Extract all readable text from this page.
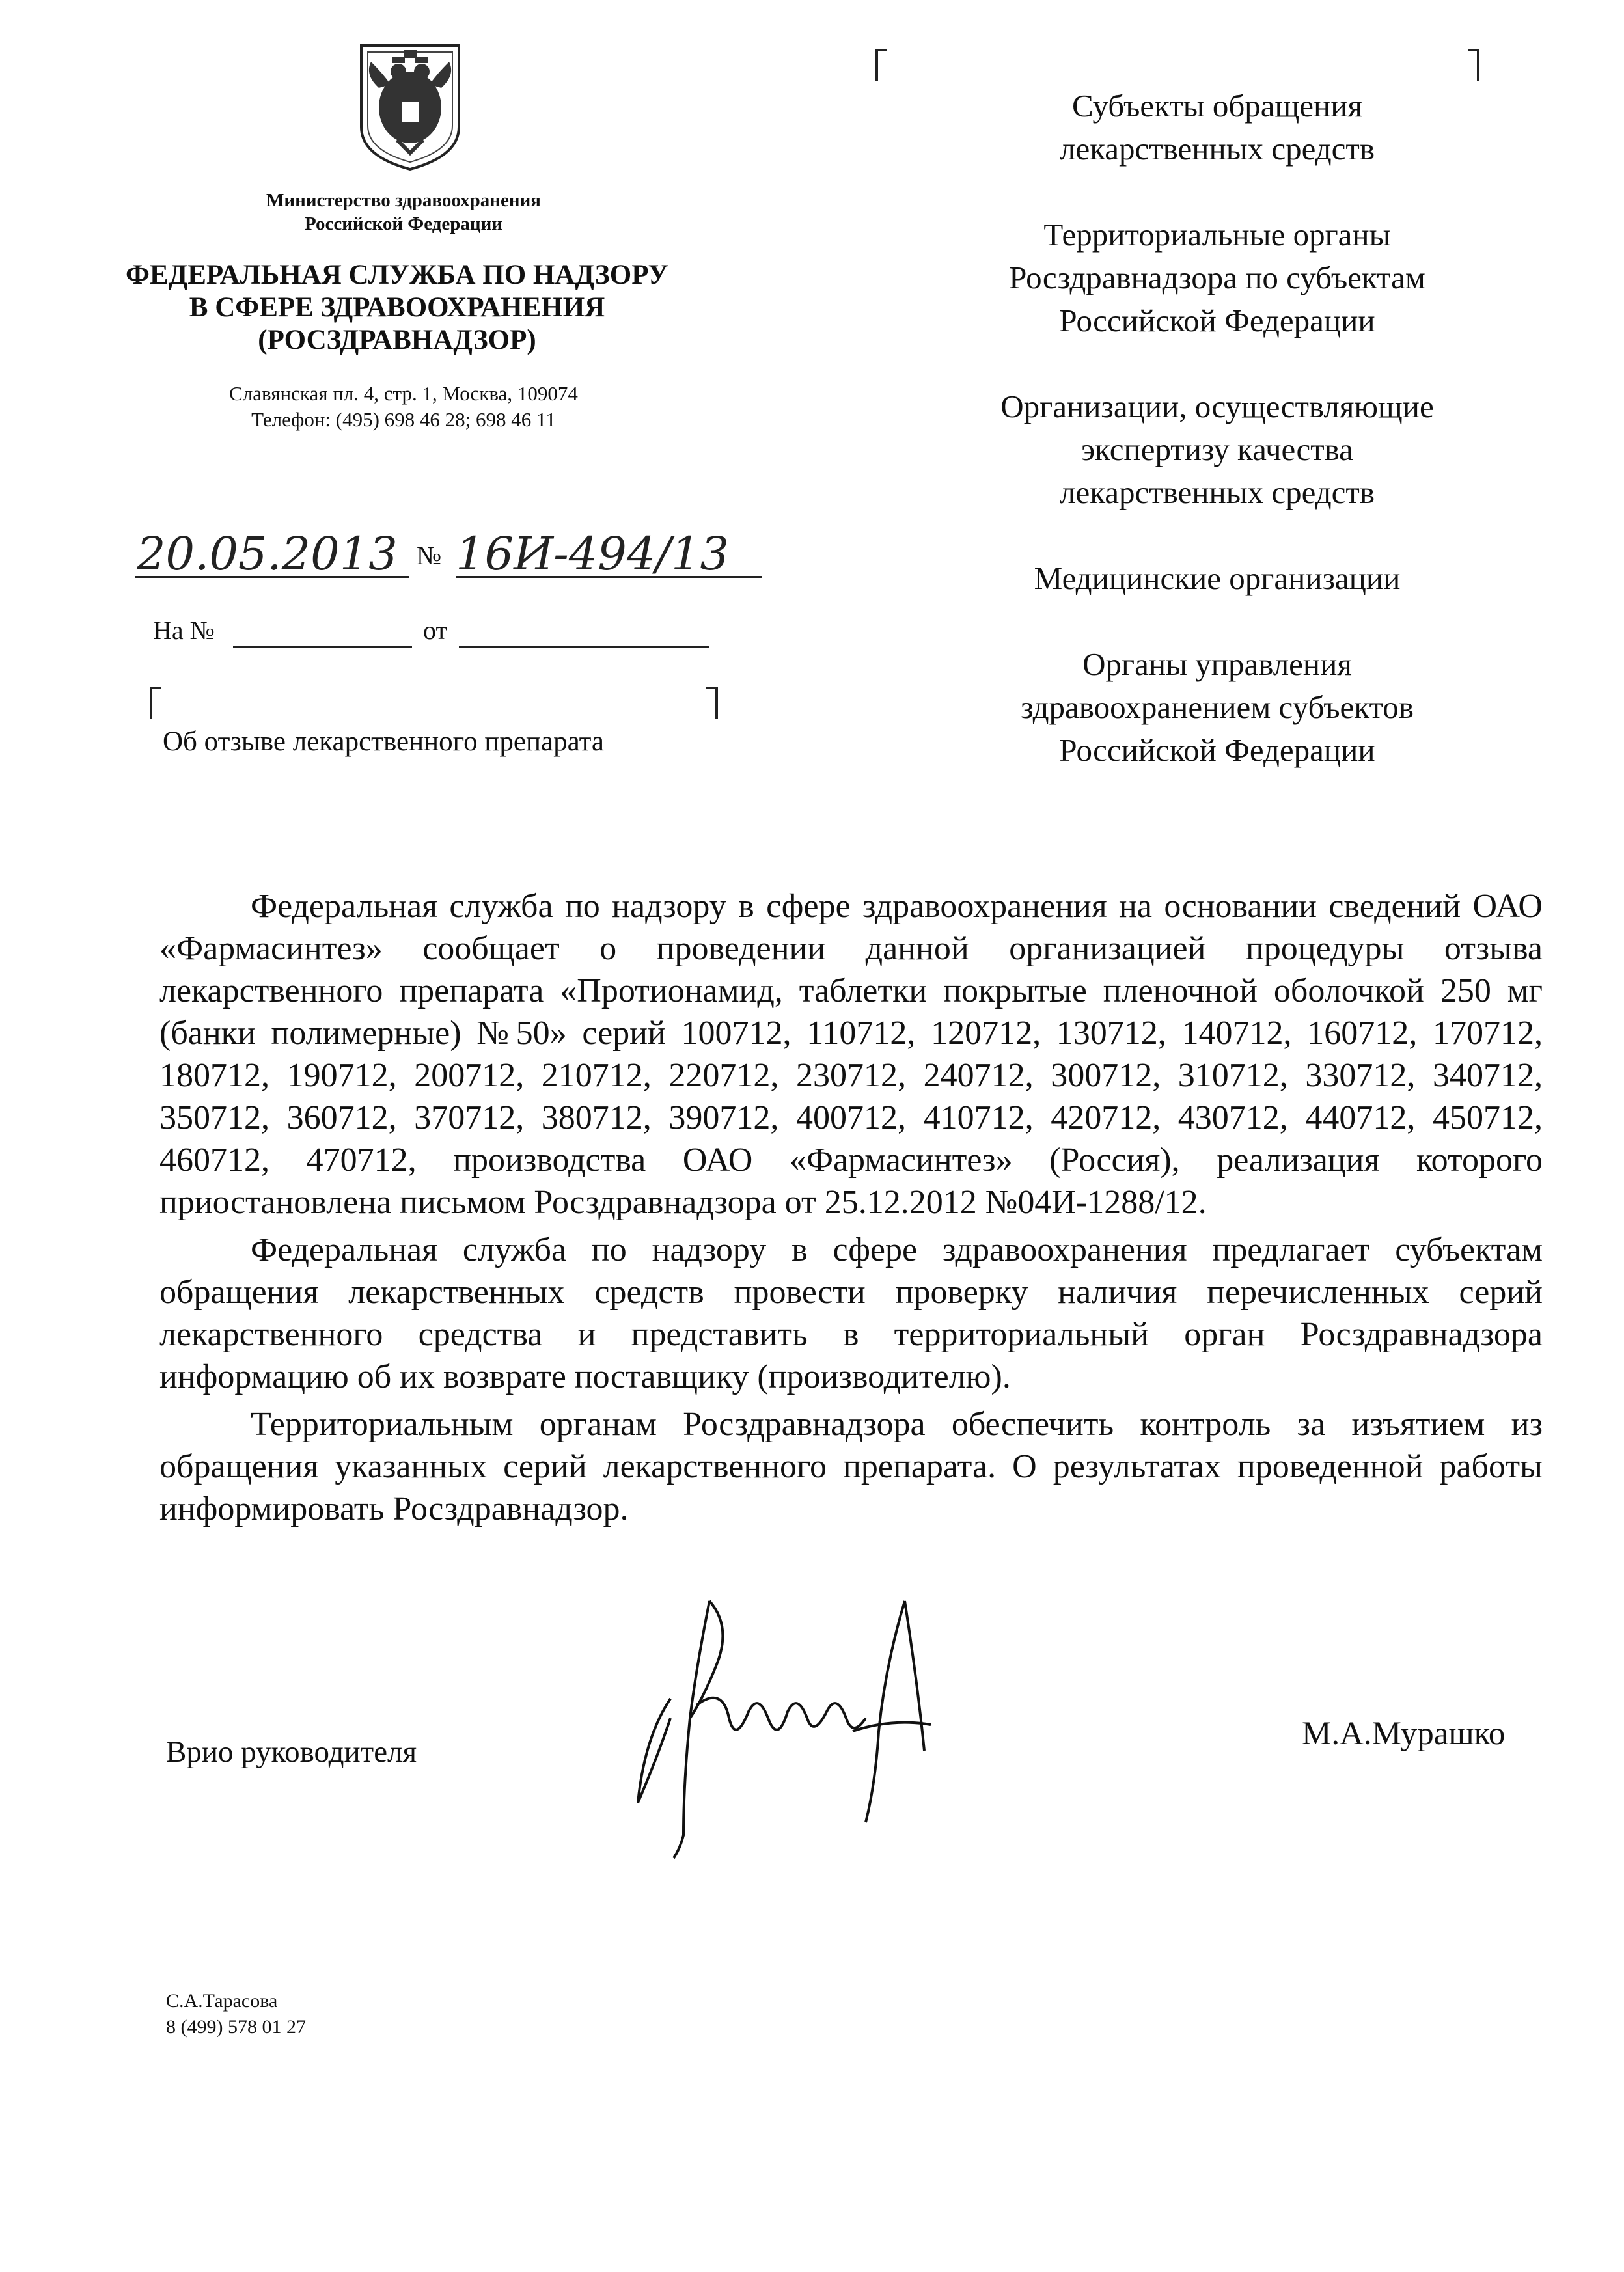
Министерство здравоохранения
Российской Федерации
ФЕДЕРАЛЬНАЯ СЛУЖБА ПО НАДЗОРУ
В СФЕРЕ ЗДРАВООХРАНЕНИЯ
(РОСЗДРАВНАДЗОР)
Славянская пл. 4, стр. 1, Москва, 109074
Телефон: (495) 698 46 28; 698 46 11
20.05.2013 № 16И-494/13
На №	от
Об отзыве лекарственного препарата
Субъекты обращения
лекарственных средств
Территориальные органы
Росздравнадзора по субъектам
Российской Федерации
Организации, осуществляющие
экспертизу качества
лекарственных средств
Медицинские организации
Органы управления
здравоохранением субъектов
Российской Федерации

Федеральная служба по надзору в сфере здравоохранения на основании сведений ОАО «Фармасинтез» сообщает о проведении данной организацией процедуры отзыва лекарственного препарата «Протионамид, таблетки покрытые пленочной оболочкой 250 мг (банки полимерные) №50» серий 100712, 110712, 120712, 130712, 140712, 160712, 170712, 180712, 190712, 200712, 210712, 220712, 230712, 240712, 300712, 310712, 330712, 340712, 350712, 360712, 370712, 380712, 390712, 400712, 410712, 420712, 430712, 440712, 450712, 460712, 470712, производства ОАО «Фармасинтез» (Россия), реализация которого приостановлена письмом Росздравнадзора от 25.12.2012 №04И-1288/12.

Федеральная служба по надзору в сфере здравоохранения предлагает субъектам обращения лекарственных средств провести проверку наличия перечисленных серий лекарственного средства и представить в территориальный орган Росздравнадзора информацию об их возврате поставщику (производителю).

Территориальным органам Росздравнадзора обеспечить контроль за изъятием из обращения указанных серий лекарственного препарата. О результатах проведенной работы информировать Росздравнадзор.

Врио руководителя	М.А.Мурашко
С.А.Тарасова
8 (499) 578 01 27
